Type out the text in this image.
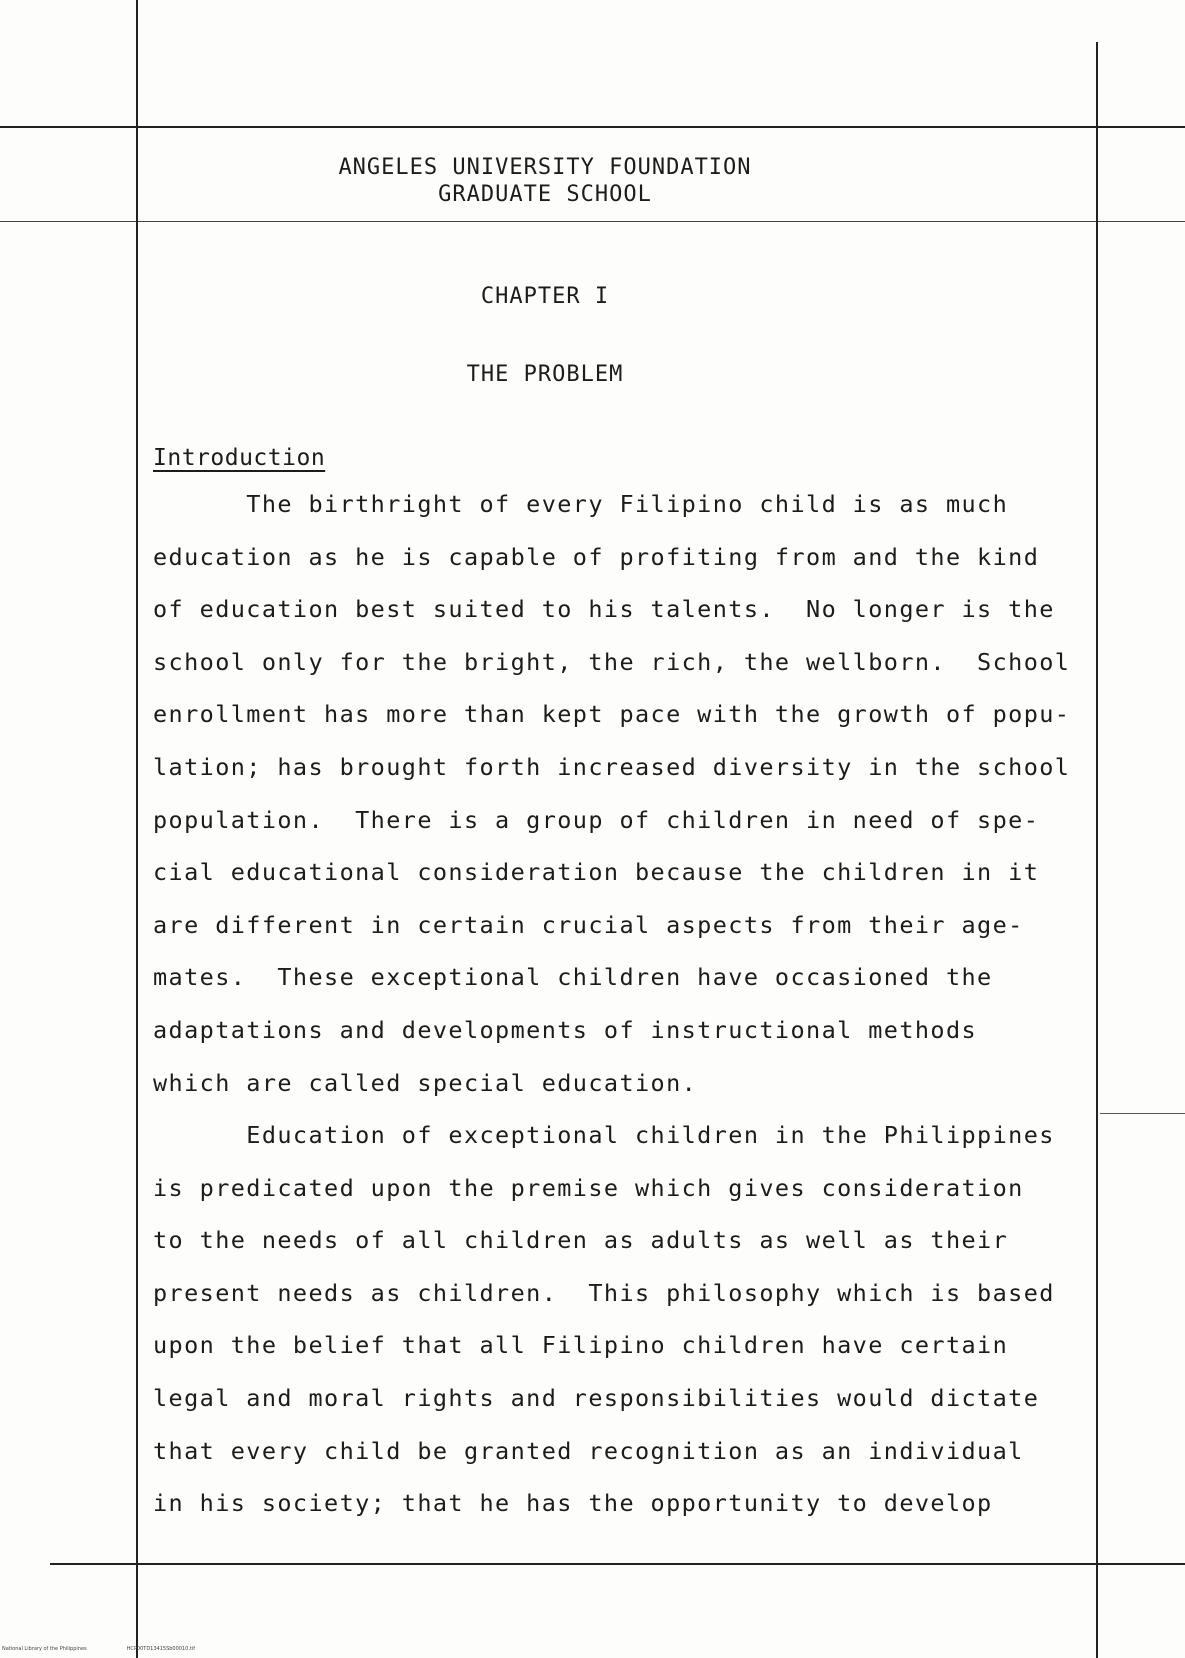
ANGELES UNIVERSITY FOUNDATION
GRADUATE SCHOOL
CHAPTER I
THE PROBLEM
Introduction
The birthright of every Filipino child is as much
education as he is capable of profiting from and the kind
of education best suited to his talents.  No longer is the
school only for the bright, the rich, the wellborn.  School
enrollment has more than kept pace with the growth of popu-
lation; has brought forth increased diversity in the school
population.  There is a group of children in need of spe-
cial educational consideration because the children in it
are different in certain crucial aspects from their age-
mates.  These exceptional children have occasioned the
adaptations and developments of instructional methods
which are called special education.
Education of exceptional children in the Philippines
is predicated upon the premise which gives consideration
to the needs of all children as adults as well as their
present needs as children.  This philosophy which is based
upon the belief that all Filipino children have certain
legal and moral rights and responsibilities would dictate
that every child be granted recognition as an individual
in his society; that he has the opportunity to develop
National Library of the Philippines	HCP00TD13415Sb00010.tif
